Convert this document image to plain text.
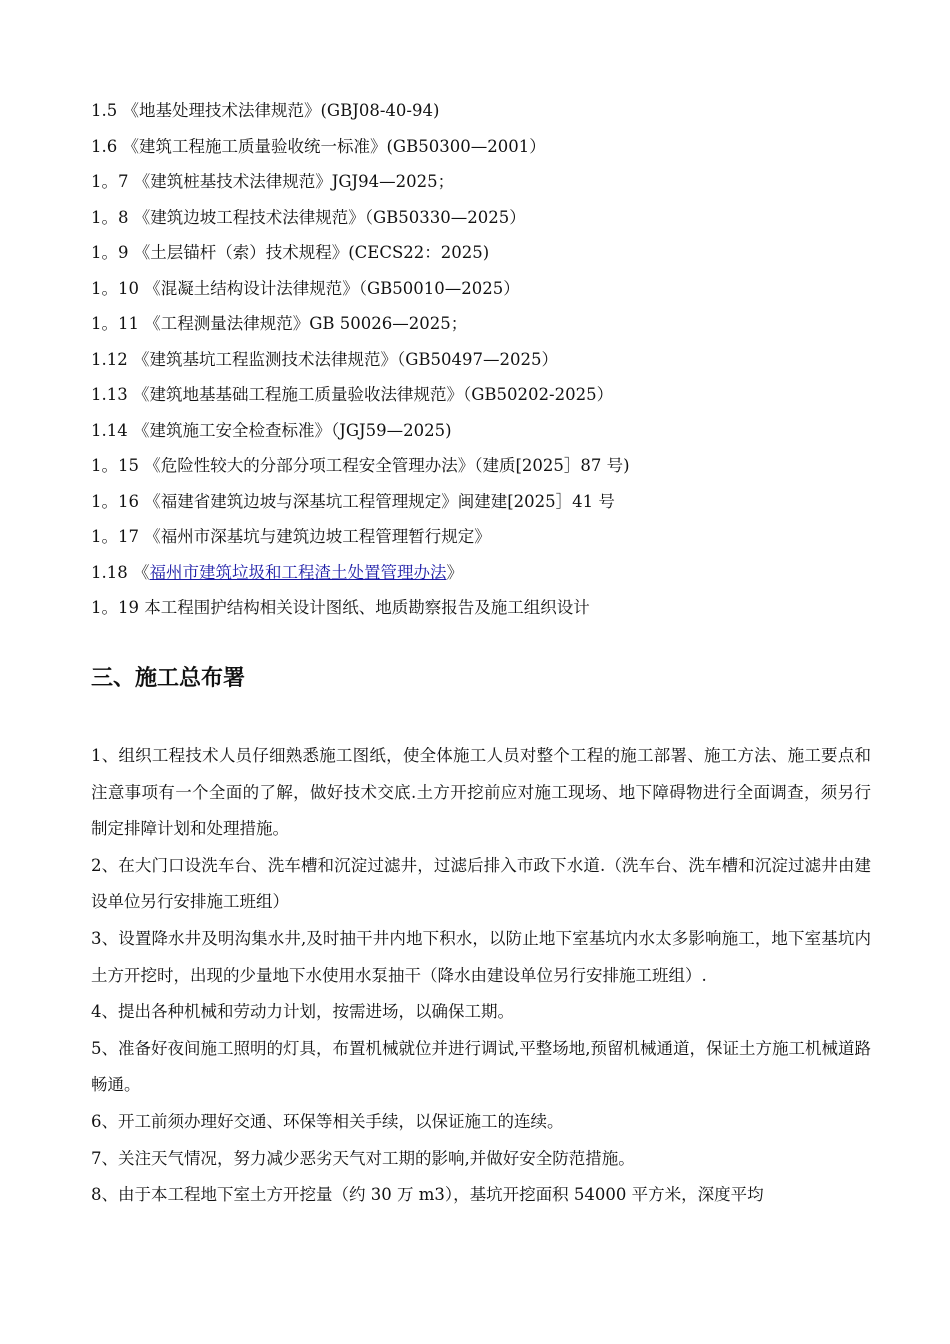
1.5 《地基处理技术法律规范》(GBJ08-40-94)
1.6 《建筑工程施工质量验收统一标准》(GB50300—2001）
1。7 《建筑桩基技术法律规范》JGJ94—2025；
1。8 《建筑边坡工程技术法律规范》（GB50330—2025）
1。9 《土层锚杆（索）技术规程》(CECS22：2025)
1。10 《混凝土结构设计法律规范》（GB50010—2025）
1。11 《工程测量法律规范》GB 50026—2025；
1.12 《建筑基坑工程监测技术法律规范》（GB50497—2025）
1.13 《建筑地基基础工程施工质量验收法律规范》（GB50202-2025）
1.14 《建筑施工安全检查标准》（JGJ59—2025)
1。15 《危险性较大的分部分项工程安全管理办法》（建质[2025］87 号)
1。16 《福建省建筑边坡与深基坑工程管理规定》闽建建[2025］41 号
1。17 《福州市深基坑与建筑边坡工程管理暂行规定》
1.18 《福州市建筑垃圾和工程渣土处置管理办法》
1。19 本工程围护结构相关设计图纸、地质勘察报告及施工组织设计
三、施工总布署

1、组织工程技术人员仔细熟悉施工图纸，使全体施工人员对整个工程的施工部署、施工方法、施工要点和注意事项有一个全面的了解，做好技术交底.土方开挖前应对施工现场、地下障碍物进行全面调查，须另行制定排障计划和处理措施。

2、在大门口设洗车台、洗车槽和沉淀过滤井，过滤后排入市政下水道.（洗车台、洗车槽和沉淀过滤井由建设单位另行安排施工班组）

3、设置降水井及明沟集水井,及时抽干井内地下积水，以防止地下室基坑内水太多影响施工，地下室基坑内土方开挖时，出现的少量地下水使用水泵抽干（降水由建设单位另行安排施工班组）.

4、提出各种机械和劳动力计划，按需进场，以确保工期。

5、准备好夜间施工照明的灯具，布置机械就位并进行调试,平整场地,预留机械通道，保证土方施工机械道路畅通。

6、开工前须办理好交通、环保等相关手续，以保证施工的连续。

7、关注天气情况，努力减少恶劣天气对工期的影响,并做好安全防范措施。

8、由于本工程地下室土方开挖量（约 30 万 m3），基坑开挖面积 54000 平方米，深度平均
